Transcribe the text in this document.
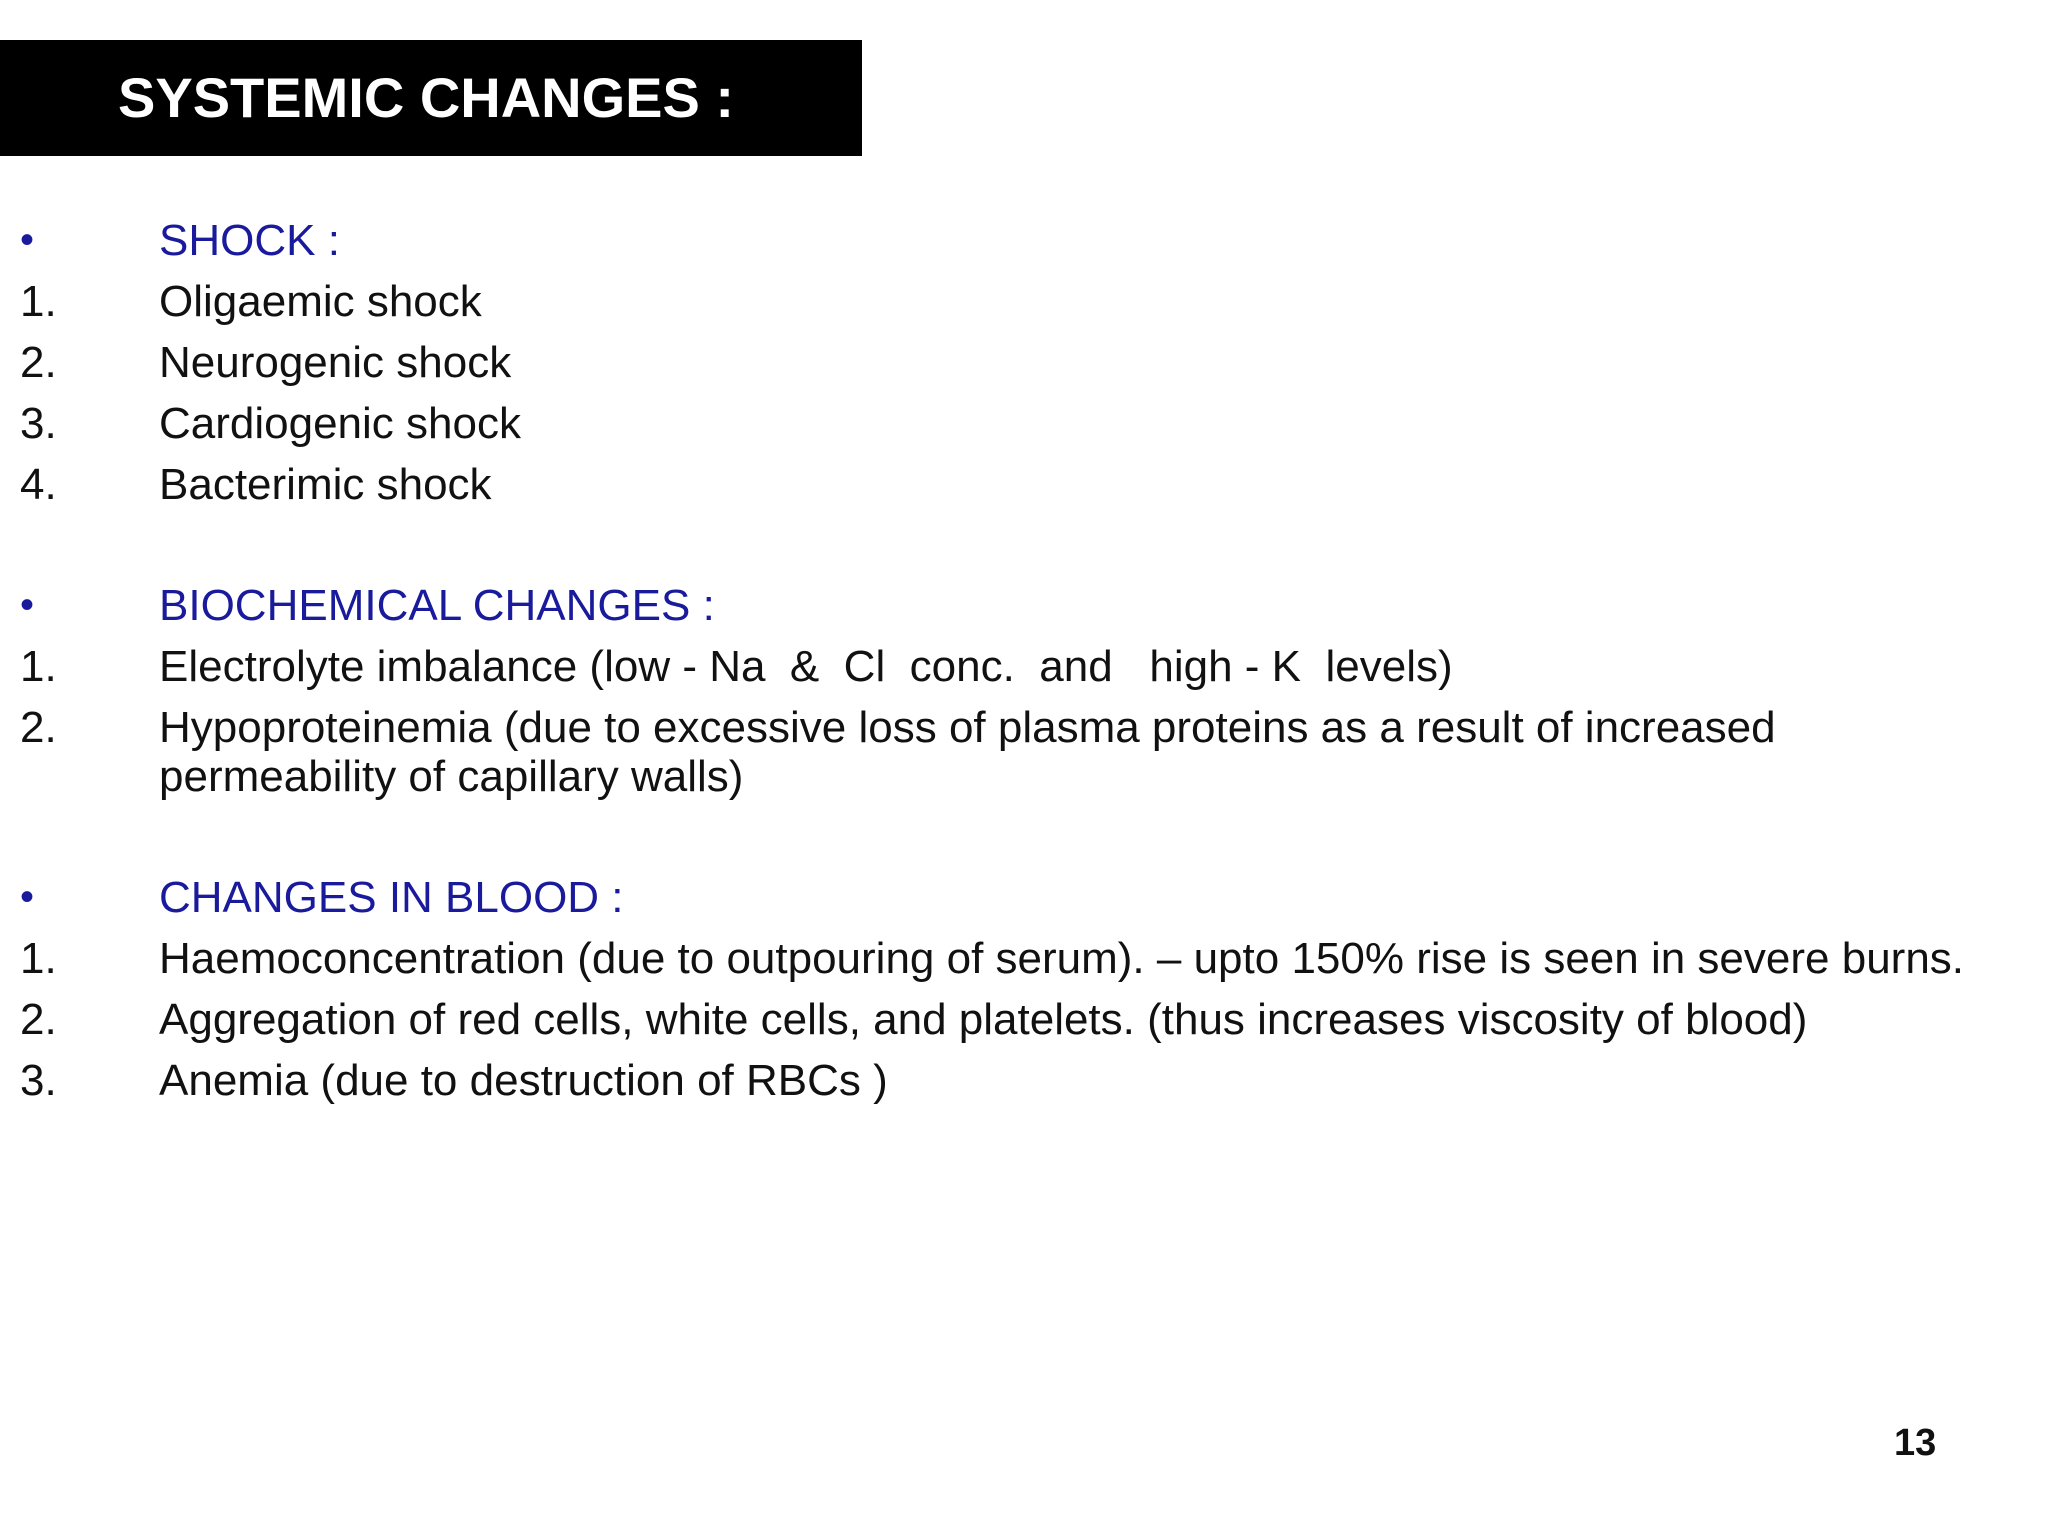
SYSTEMIC CHANGES :
•	SHOCK :
1. Oligaemic shock
2. Neurogenic shock
3. Cardiogenic shock
4. Bacterimic shock
•	BIOCHEMICAL CHANGES :
1. Electrolyte imbalance (low - Na  &  Cl  conc.  and   high - K  levels)
2. Hypoproteinemia (due to excessive loss of plasma proteins as a result of increased permeability of capillary walls)
•	CHANGES IN BLOOD :
1. Haemoconcentration (due to outpouring of serum). – upto 150% rise is seen in severe burns.
2. Aggregation of red cells, white cells, and platelets. (thus increases viscosity of blood)
3. Anemia (due to destruction of RBCs )
13
